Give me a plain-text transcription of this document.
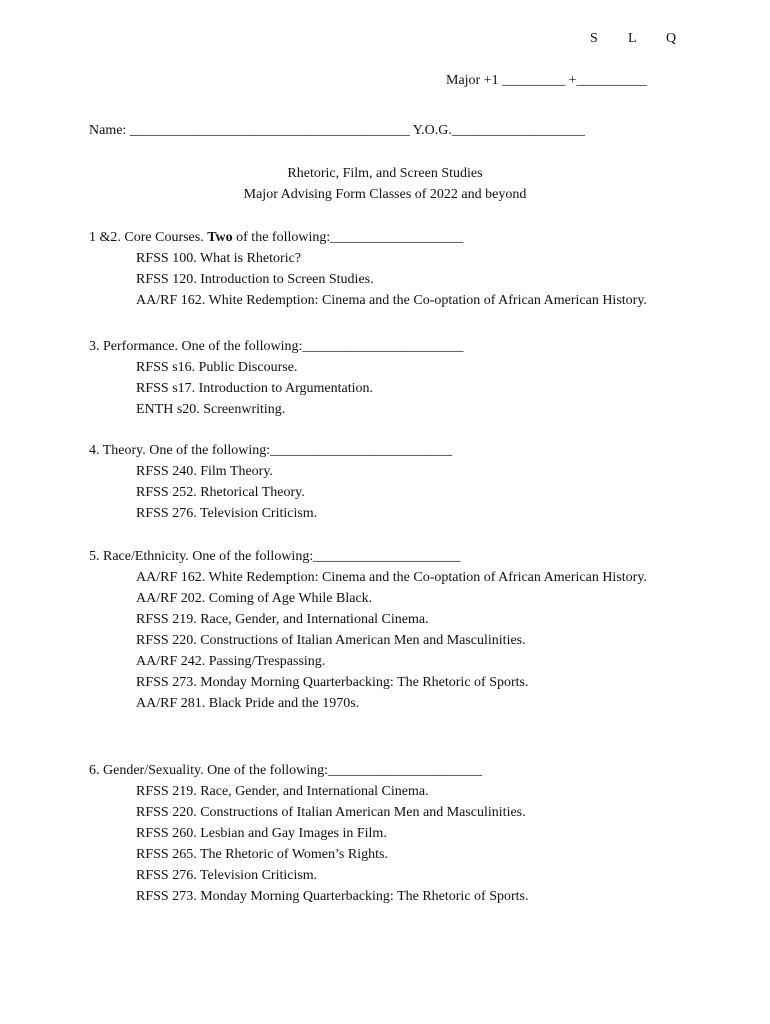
S L Q
Major +1 _________ +__________
Name: ________________________________________ Y.O.G.___________________
Rhetoric, Film, and Screen Studies
Major Advising Form Classes of 2022 and beyond
1 &2. Core Courses. Two of the following:___________________
RFSS 100. What is Rhetoric?
RFSS 120. Introduction to Screen Studies.
AA/RF 162. White Redemption: Cinema and the Co-optation of African American History.
3. Performance. One of the following:_______________________
RFSS s16. Public Discourse.
RFSS s17. Introduction to Argumentation.
ENTH s20. Screenwriting.
4. Theory. One of the following:__________________________
RFSS 240. Film Theory.
RFSS 252. Rhetorical Theory.
RFSS 276. Television Criticism.
5. Race/Ethnicity. One of the following:_____________________
AA/RF 162. White Redemption: Cinema and the Co-optation of African American History.
AA/RF 202. Coming of Age While Black.
RFSS 219. Race, Gender, and International Cinema.
RFSS 220. Constructions of Italian American Men and Masculinities.
AA/RF 242. Passing/Trespassing.
RFSS 273. Monday Morning Quarterbacking: The Rhetoric of Sports.
AA/RF 281. Black Pride and the 1970s.
6. Gender/Sexuality. One of the following:______________________
RFSS 219. Race, Gender, and International Cinema.
RFSS 220. Constructions of Italian American Men and Masculinities.
RFSS 260. Lesbian and Gay Images in Film.
RFSS 265. The Rhetoric of Women’s Rights.
RFSS 276. Television Criticism.
RFSS 273. Monday Morning Quarterbacking: The Rhetoric of Sports.
